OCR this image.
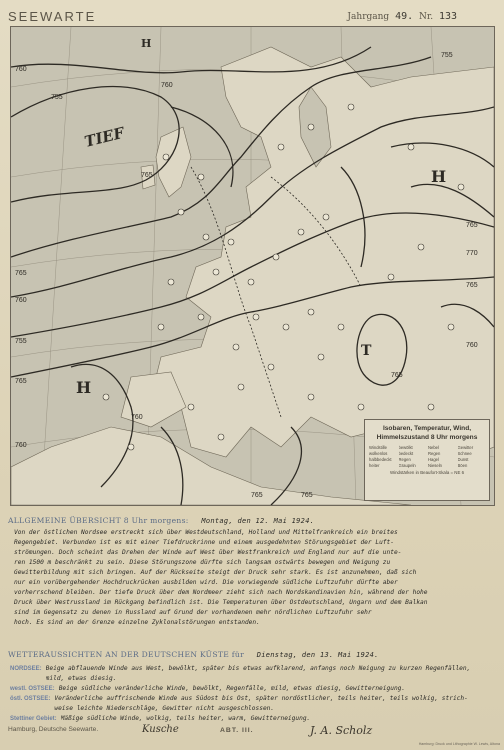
SEEWARTE	Jahrgang 49. Nr. 133
760
755
765
760
755
765
760
765
760
755
765
770
765
760
765
760
765
765
TIEF
H
H
T
H
Isobaren, Temperatur, Wind,
Himmelszustand 8 Uhr morgens
Windstille	bewölkt	Nebel	Gewitter
wolkenlos	bedeckt	Regen	Schnee
halbbedeckt	Regen	Hagel	Dunst
heiter	Graupeln	Nieseln	Böen
Windstärken in Beaufort-Skala = NE 6
ALLGEMEINE ÜBERSICHT 8 Uhr morgens: Montag, den 12. Mai 1924.

Von der östlichen Nordsee erstreckt sich über Westdeutschland, Holland und Mittelfrankreich ein breites

Regengebiet. Verbunden ist es mit einer Tiefdruckrinne und einem ausgedehnten Störungsgebiet der Luft-

strömungen. Doch scheint das Drehen der Winde auf West über Westfrankreich und England nur auf die unte-

ren 1500 m beschränkt zu sein. Diese Störungszone dürfte sich langsam ostwärts bewegen und Neigung zu

Gewitterbildung mit sich bringen. Auf der Rückseite steigt der Druck sehr stark. Es ist anzunehmen, daß sich

nur ein vorübergehender Hochdruckrücken ausbilden wird. Die vorwiegende südliche Luftzufuhr dürfte aber

vorherrschend bleiben. Der tiefe Druck über dem Nordmeer zieht sich nach Nordskandinavien hin, während der hohe

Druck über Westrussland im Rückgang befindlich ist. Die Temperaturen über Ostdeutschland, Ungarn und dem Balkan

sind im Gegensatz zu denen in Russland auf Grund der vorhandenen mehr nördlichen Luftzufuhr sehr

hoch. Es sind an der Grenze einzelne Zyklonalstörungen entstanden.

WETTERAUSSICHTEN AN DER DEUTSCHEN KÜSTE für Dienstag, den 13. Mai 1924.
NORDSEE: Beige abflauende Winde aus West, bewölkt, später bis etwas aufklarend, anfangs noch Neigung zu kurzen Regenfällen,
mild, etwas diesig.
westl. OSTSEE: Beige südliche veränderliche Winde, bewölkt, Regenfälle, mild, etwas diesig, Gewitterneigung.
östl. OSTSEE: Veränderliche auffrischende Winde aus Südost bis Ost, später nordöstlicher, teils heiter, teils wolkig, strich-
weise leichte Niederschläge, Gewitter nicht ausgeschlossen.
Stettiner Gebiet: Mäßige südliche Winde, wolkig, teils heiter, warm, Gewitterneigung.
Hamburg, Deutsche Seewarte.	Kusche	ABT. III.	J. A. Scholz
Hamburg: Druck und Lithographie W. Lewis, Altona
